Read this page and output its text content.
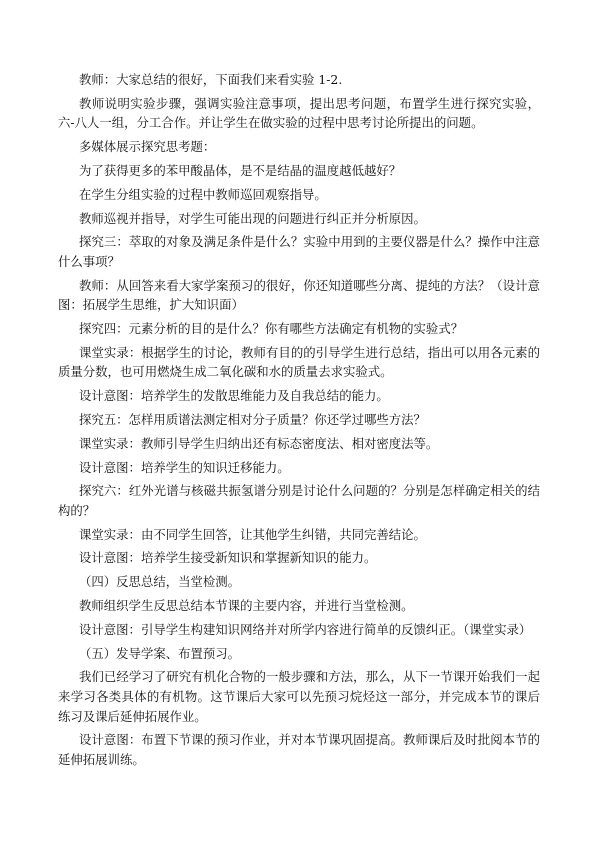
教师：大家总结的很好，下面我们来看实验 1-2.

教师说明实验步骤，强调实验注意事项，提出思考问题，布置学生进行探究实验，六-八人一组，分工合作。并让学生在做实验的过程中思考讨论所提出的问题。

多媒体展示探究思考题：

为了获得更多的苯甲酸晶体，是不是结晶的温度越低越好？

在学生分组实验的过程中教师巡回观察指导。

教师巡视并指导，对学生可能出现的问题进行纠正并分析原因。

探究三：萃取的对象及满足条件是什么？实验中用到的主要仪器是什么？操作中注意什么事项？

教师：从回答来看大家学案预习的很好，你还知道哪些分离、提纯的方法？（设计意图：拓展学生思维，扩大知识面）

探究四：元素分析的目的是什么？你有哪些方法确定有机物的实验式？

课堂实录：根据学生的讨论，教师有目的的引导学生进行总结，指出可以用各元素的质量分数，也可用燃烧生成二氧化碳和水的质量去求实验式。

设计意图：培养学生的发散思维能力及自我总结的能力。

探究五：怎样用质谱法测定相对分子质量？你还学过哪些方法？

课堂实录：教师引导学生归纳出还有标态密度法、相对密度法等。

设计意图：培养学生的知识迁移能力。

探究六：红外光谱与核磁共振氢谱分别是讨论什么问题的？分别是怎样确定相关的结构的？

课堂实录：由不同学生回答，让其他学生纠错，共同完善结论。

设计意图：培养学生接受新知识和掌握新知识的能力。

（四）反思总结，当堂检测。

教师组织学生反思总结本节课的主要内容，并进行当堂检测。

设计意图：引导学生构建知识网络并对所学内容进行简单的反馈纠正。（课堂实录）

（五）发导学案、布置预习。

我们已经学习了研究有机化合物的一般步骤和方法，那么，从下一节课开始我们一起来学习各类具体的有机物。这节课后大家可以先预习烷烃这一部分，并完成本节的课后练习及课后延伸拓展作业。

设计意图：布置下节课的预习作业，并对本节课巩固提高。教师课后及时批阅本节的延伸拓展训练。
